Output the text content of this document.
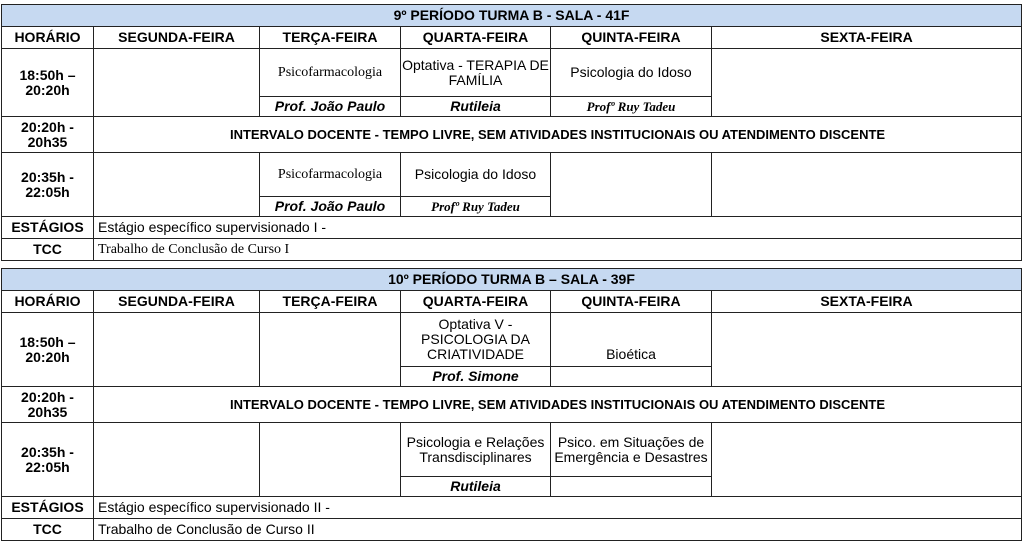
9º PERÍODO TURMA B - SALA - 41F					
HORÁRIO	SEGUNDA-FEIRA	TERÇA-FEIRA	QUARTA-FEIRA	QUINTA-FEIRA	SEXTA-FEIRA
18:50h – 20:20h		Psicofarmacologia	Optativa - TERAPIA DE FAMÍLIA	Psicologia do Idoso	
		Prof. João Paulo	Rutileia	Profº Ruy Tadeu	
20:20h - 20h35	INTERVALO DOCENTE - TEMPO LIVRE, SEM ATIVIDADES INSTITUCIONAIS OU ATENDIMENTO DISCENTE				
20:35h - 22:05h		Psicofarmacologia	Psicologia do Idoso		
		Prof. João Paulo	Profº Ruy Tadeu		
ESTÁGIOS	Estágio específico supervisionado I -				
TCC	Trabalho de Conclusão de Curso I				
10º PERÍODO TURMA B – SALA - 39F					
HORÁRIO	SEGUNDA-FEIRA	TERÇA-FEIRA	QUARTA-FEIRA	QUINTA-FEIRA	SEXTA-FEIRA
18:50h – 20:20h			Optativa V - PSICOLOGIA DA CRIATIVIDADE	Bioética	
			Prof. Simone		
20:20h - 20h35	INTERVALO DOCENTE - TEMPO LIVRE, SEM ATIVIDADES INSTITUCIONAIS OU ATENDIMENTO DISCENTE				
20:35h - 22:05h			Psicologia e Relações Transdisciplinares	Psico. em Situações de Emergência e Desastres	
			Rutileia		
ESTÁGIOS	Estágio específico supervisionado II -				
TCC	Trabalho de Conclusão de Curso II				
